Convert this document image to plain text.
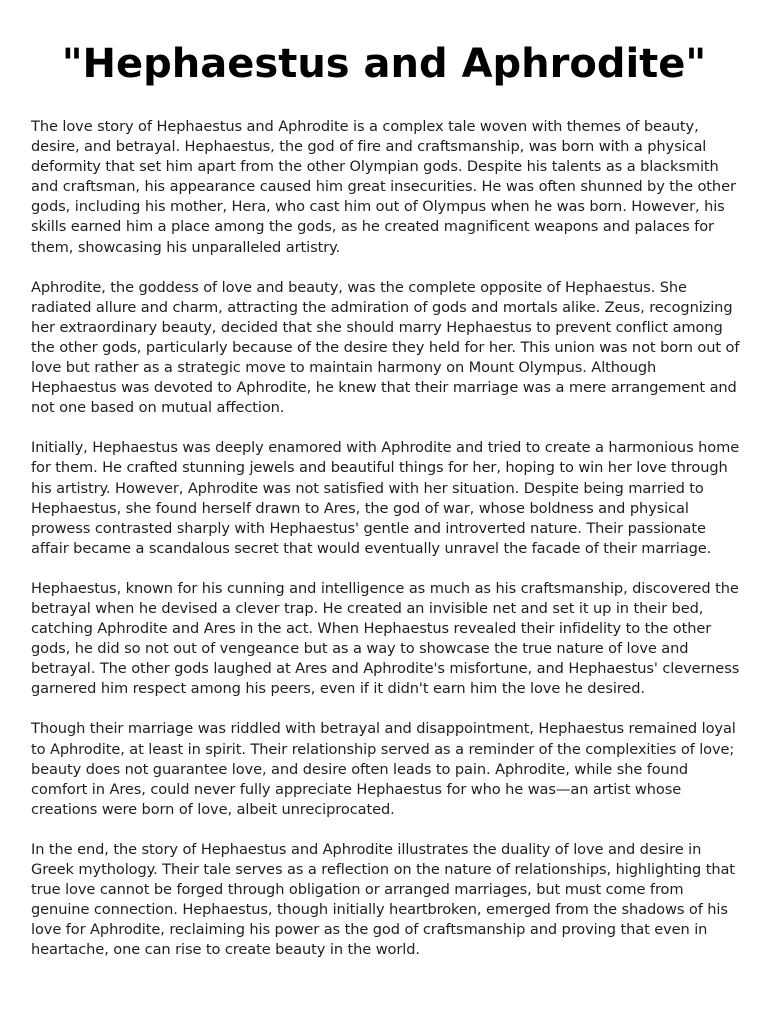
"Hephaestus and Aphrodite"

The love story of Hephaestus and Aphrodite is a complex tale woven with themes of beauty, desire, and betrayal. Hephaestus, the god of fire and craftsmanship, was born with a physical deformity that set him apart from the other Olympian gods. Despite his talents as a blacksmith and craftsman, his appearance caused him great insecurities. He was often shunned by the other gods, including his mother, Hera, who cast him out of Olympus when he was born. However, his skills earned him a place among the gods, as he created magnificent weapons and palaces for them, showcasing his unparalleled artistry.

Aphrodite, the goddess of love and beauty, was the complete opposite of Hephaestus. She radiated allure and charm, attracting the admiration of gods and mortals alike. Zeus, recognizing her extraordinary beauty, decided that she should marry Hephaestus to prevent conflict among the other gods, particularly because of the desire they held for her. This union was not born out of love but rather as a strategic move to maintain harmony on Mount Olympus. Although Hephaestus was devoted to Aphrodite, he knew that their marriage was a mere arrangement and not one based on mutual affection.

Initially, Hephaestus was deeply enamored with Aphrodite and tried to create a harmonious home for them. He crafted stunning jewels and beautiful things for her, hoping to win her love through his artistry. However, Aphrodite was not satisfied with her situation. Despite being married to Hephaestus, she found herself drawn to Ares, the god of war, whose boldness and physical prowess contrasted sharply with Hephaestus' gentle and introverted nature. Their passionate affair became a scandalous secret that would eventually unravel the facade of their marriage.

Hephaestus, known for his cunning and intelligence as much as his craftsmanship, discovered the betrayal when he devised a clever trap. He created an invisible net and set it up in their bed, catching Aphrodite and Ares in the act. When Hephaestus revealed their infidelity to the other gods, he did so not out of vengeance but as a way to showcase the true nature of love and betrayal. The other gods laughed at Ares and Aphrodite's misfortune, and Hephaestus' cleverness garnered him respect among his peers, even if it didn't earn him the love he desired.

Though their marriage was riddled with betrayal and disappointment, Hephaestus remained loyal to Aphrodite, at least in spirit. Their relationship served as a reminder of the complexities of love; beauty does not guarantee love, and desire often leads to pain. Aphrodite, while she found comfort in Ares, could never fully appreciate Hephaestus for who he was—an artist whose creations were born of love, albeit unreciprocated.

In the end, the story of Hephaestus and Aphrodite illustrates the duality of love and desire in Greek mythology. Their tale serves as a reflection on the nature of relationships, highlighting that true love cannot be forged through obligation or arranged marriages, but must come from genuine connection. Hephaestus, though initially heartbroken, emerged from the shadows of his love for Aphrodite, reclaiming his power as the god of craftsmanship and proving that even in heartache, one can rise to create beauty in the world.
